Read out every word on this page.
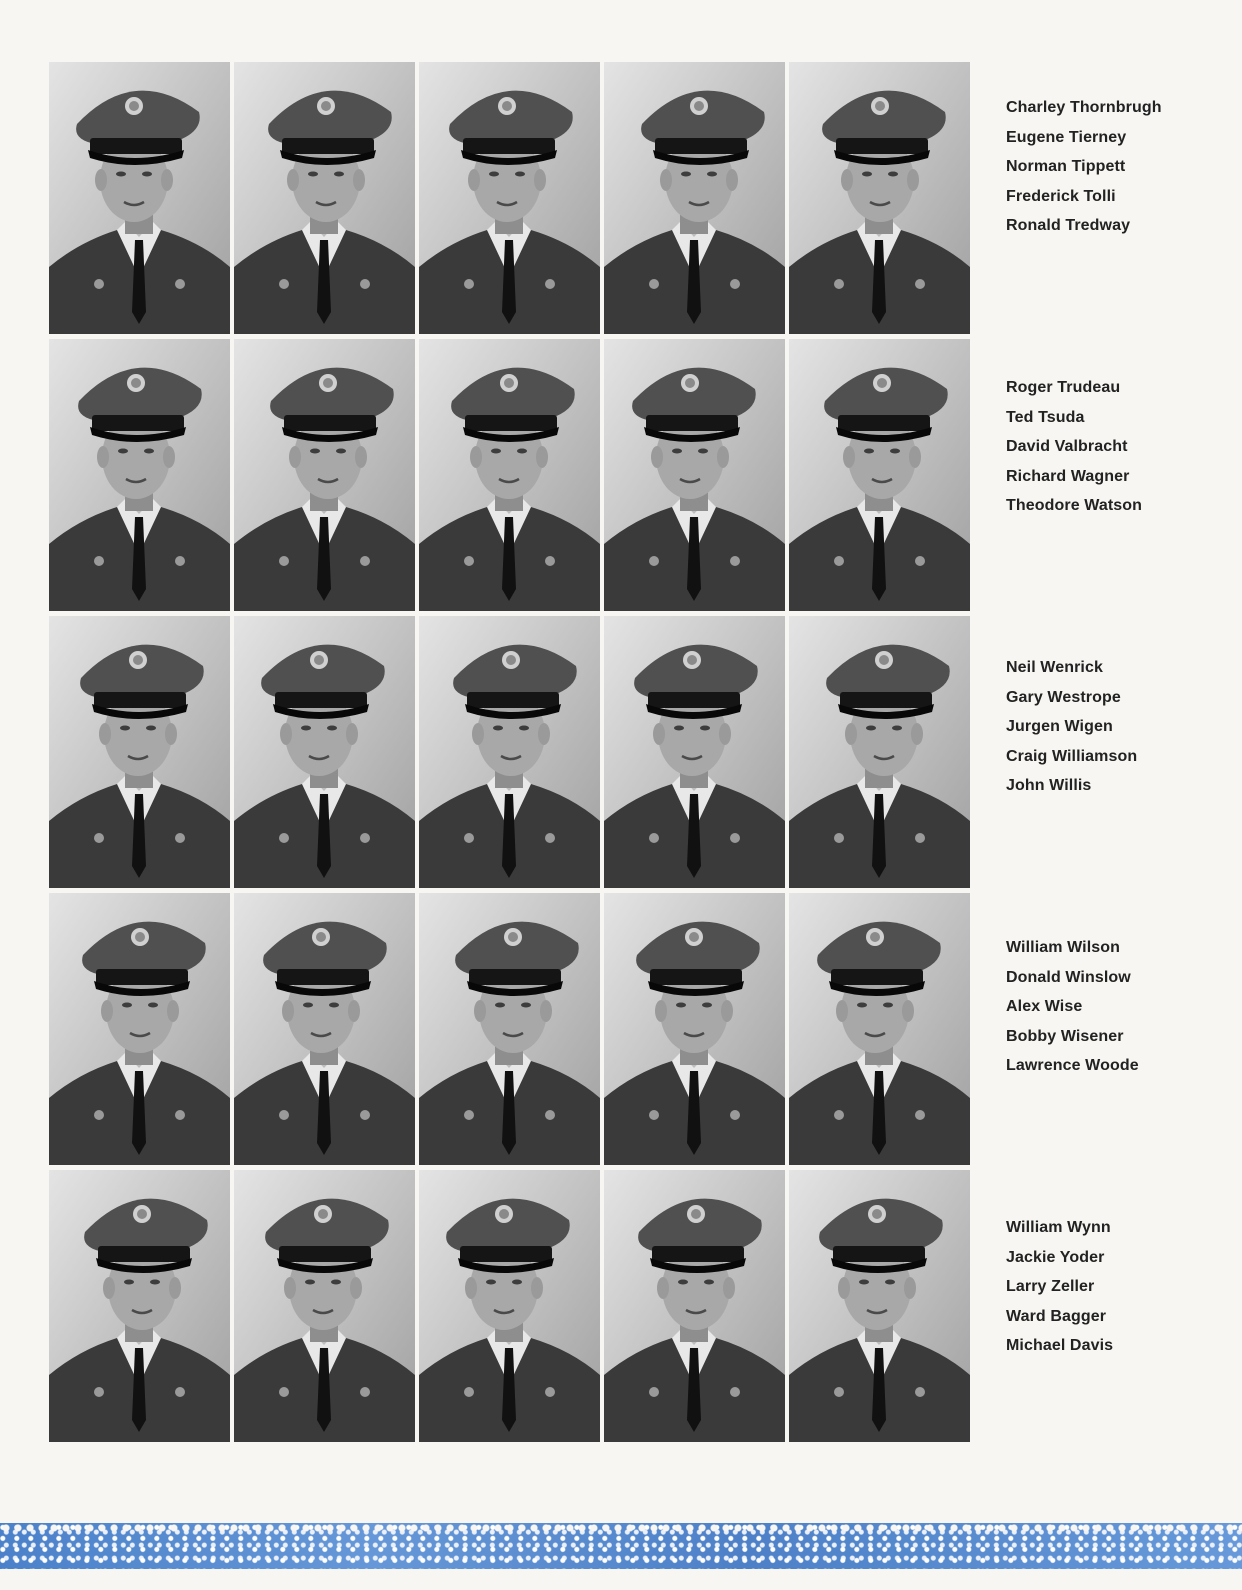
Charley Thornbrugh
Eugene Tierney
Norman Tippett
Frederick Tolli
Ronald Tredway
Roger Trudeau
Ted Tsuda
David Valbracht
Richard Wagner
Theodore Watson
Neil Wenrick
Gary Westrope
Jurgen Wigen
Craig Williamson
John Willis
William Wilson
Donald Winslow
Alex Wise
Bobby Wisener
Lawrence Woode
William Wynn
Jackie Yoder
Larry Zeller
Ward Bagger
Michael Davis
